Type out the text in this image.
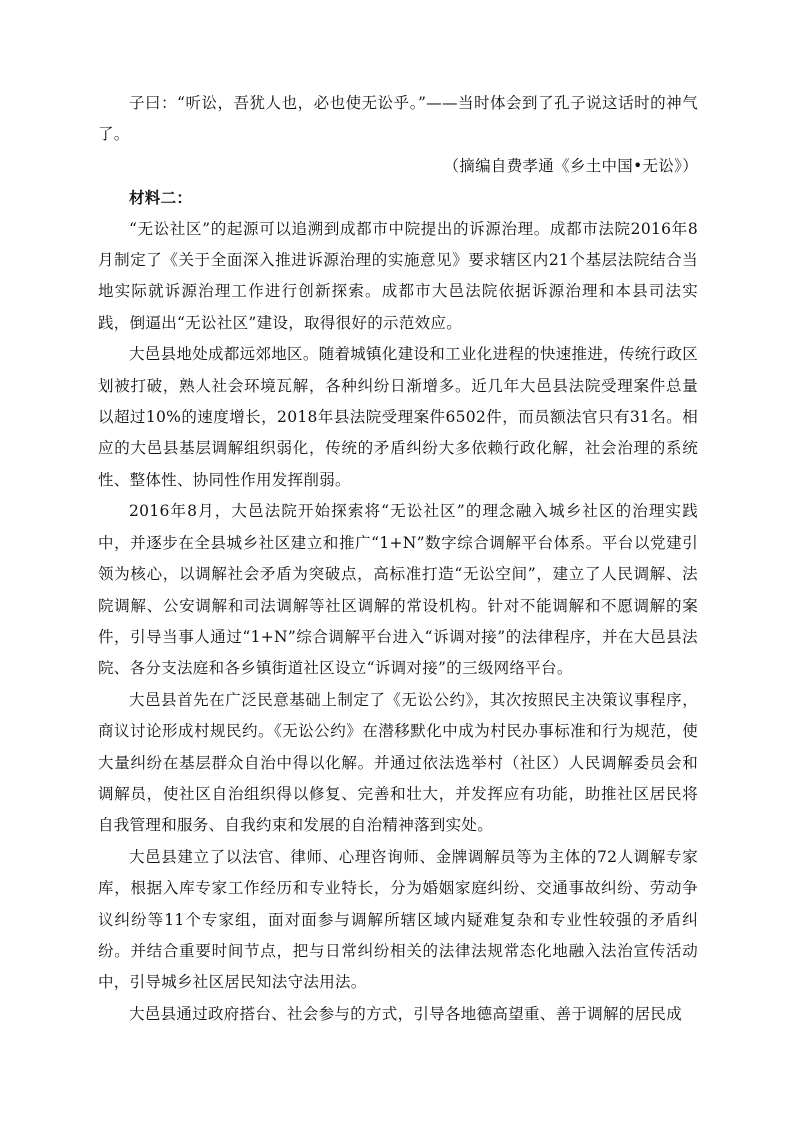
子曰：“听讼，吾犹人也，必也使无讼乎。”——当时体会到了孔子说这话时的神气了。

（摘编自费孝通《乡土中国•无讼》）

材料二：

“无讼社区”的起源可以追溯到成都市中院提出的诉源治理。成都市法院2016年8月制定了《关于全面深入推进诉源治理的实施意见》要求辖区内21个基层法院结合当地实际就诉源治理工作进行创新探索。成都市大邑法院依据诉源治理和本县司法实践，倒逼出“无讼社区”建设，取得很好的示范效应。

大邑县地处成都远郊地区。随着城镇化建设和工业化进程的快速推进，传统行政区划被打破，熟人社会环境瓦解，各种纠纷日渐增多。近几年大邑县法院受理案件总量以超过10%的速度增长，2018年县法院受理案件6502件，而员额法官只有31名。相应的大邑县基层调解组织弱化，传统的矛盾纠纷大多依赖行政化解，社会治理的系统性、整体性、协同性作用发挥削弱。

2016年8月，大邑法院开始探索将“无讼社区”的理念融入城乡社区的治理实践中，并逐步在全县城乡社区建立和推广“1+N”数字综合调解平台体系。平台以党建引领为核心，以调解社会矛盾为突破点，高标准打造“无讼空间”，建立了人民调解、法院调解、公安调解和司法调解等社区调解的常设机构。针对不能调解和不愿调解的案件，引导当事人通过“1+N”综合调解平台进入“诉调对接”的法律程序，并在大邑县法院、各分支法庭和各乡镇街道社区设立“诉调对接”的三级网络平台。

大邑县首先在广泛民意基础上制定了《无讼公约》，其次按照民主决策议事程序，商议讨论形成村规民约。《无讼公约》在潜移默化中成为村民办事标准和行为规范，使大量纠纷在基层群众自治中得以化解。并通过依法选举村（社区）人民调解委员会和调解员，使社区自治组织得以修复、完善和壮大，并发挥应有功能，助推社区居民将自我管理和服务、自我约束和发展的自治精神落到实处。

大邑县建立了以法官、律师、心理咨询师、金牌调解员等为主体的72人调解专家库，根据入库专家工作经历和专业特长，分为婚姻家庭纠纷、交通事故纠纷、劳动争议纠纷等11个专家组，面对面参与调解所辖区域内疑难复杂和专业性较强的矛盾纠纷。并结合重要时间节点，把与日常纠纷相关的法律法规常态化地融入法治宣传活动中，引导城乡社区居民知法守法用法。

大邑县通过政府搭台、社会参与的方式，引导各地德高望重、善于调解的居民成
